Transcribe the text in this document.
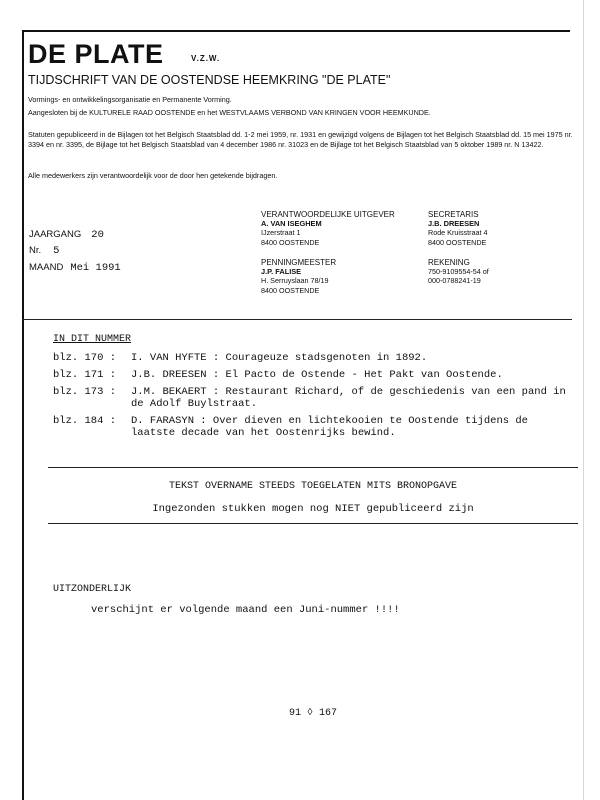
DE PLATE	V.Z.W.
TIJDSCHRIFT VAN DE OOSTENDSE HEEMKRING "DE PLATE"
Vormings- en ontwikkelingsorganisatie en Permanente Vorming.
Aangesloten bij de KULTURELE RAAD OOSTENDE en het WESTVLAAMS VERBOND VAN KRINGEN VOOR HEEMKUNDE.
Statuten gepubliceerd in de Bijlagen tot het Belgisch Staatsblad dd. 1-2 mei 1959, nr. 1931 en gewijzigd volgens de Bijlagen tot het Belgisch Staatsblad dd. 15 mei 1975 nr. 3394 en nr. 3395, de Bijlage tot het Belgisch Staatsblad van 4 december 1986 nr. 31023 en de Bijlage tot het Belgisch Staatsblad van 5 oktober 1989 nr. N 13422.
Alle medewerkers zijn verantwoordelijk voor de door hen getekende bijdragen.
JAARGANG 20
Nr. 5
MAAND Mei 1991
VERANTWOORDELIJKE UITGEVER
A. VAN ISEGHEM
IJzerstraat 1
8400 OOSTENDE
PENNINGMEESTER
J.P. FALISE
H. Serruyslaan 78/19
8400 OOSTENDE
SECRETARIS
J.B. DREESEN
Rode Kruisstraat 4
8400 OOSTENDE
REKENING
750-9109554-54 of
000-0788241-19
IN DIT NUMMER
blz. 170 :	I. VAN HYFTE : Courageuze stadsgenoten in 1892.
blz. 171 :	J.B. DREESEN : El Pacto de Ostende - Het Pakt van Oostende.
blz. 173 :	J.M. BEKAERT : Restaurant Richard, of de geschiedenis van een pand in de Adolf Buylstraat.
blz. 184 :	D. FARASYN : Over dieven en lichtekooien te Oostende tijdens de laatste decade van het Oostenrijks bewind.
TEKST OVERNAME STEEDS TOEGELATEN MITS BRONOPGAVE
Ingezonden stukken mogen nog NIET gepubliceerd zijn
UITZONDERLIJK
verschijnt er volgende maand een Juni-nummer !!!!
91 ◊ 167
